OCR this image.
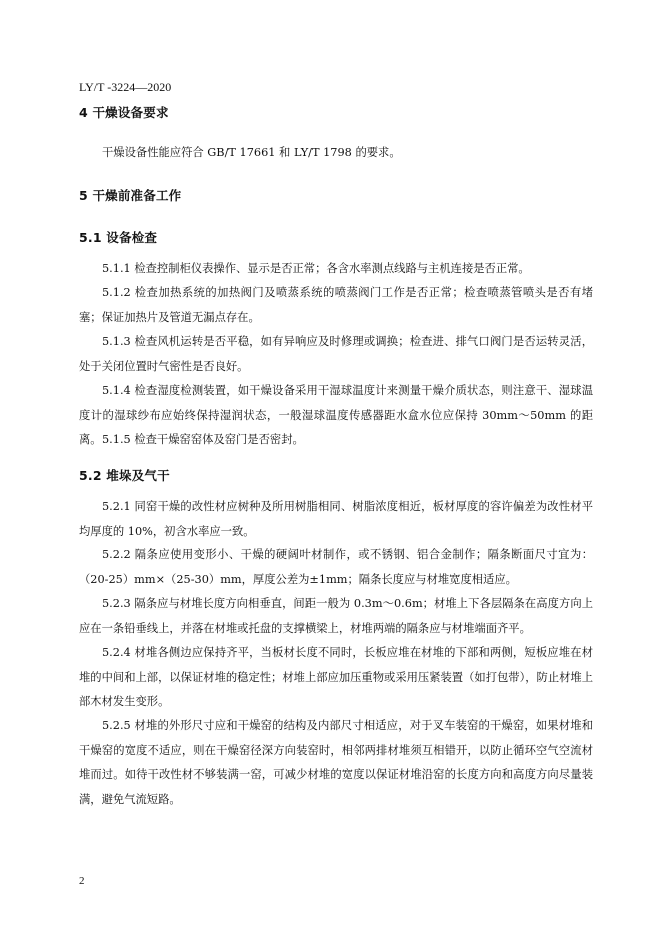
LY/T -3224—2020
4 干燥设备要求
干燥设备性能应符合 GB/T 17661 和 LY/T 1798 的要求。
5 干燥前准备工作
5.1 设备检查
5.1.1 检查控制柜仪表操作、显示是否正常；各含水率测点线路与主机连接是否正常。
5.1.2 检查加热系统的加热阀门及喷蒸系统的喷蒸阀门工作是否正常；检查喷蒸管喷头是否有堵塞；保证加热片及管道无漏点存在。
5.1.3 检查风机运转是否平稳，如有异响应及时修理或调换；检查进、排气口阀门是否运转灵活，处于关闭位置时气密性是否良好。
5.1.4 检查湿度检测装置，如干燥设备采用干湿球温度计来测量干燥介质状态，则注意干、湿球温度计的湿球纱布应始终保持湿润状态，一般湿球温度传感器距水盒水位应保持 30mm～50mm 的距离。 5.1.5 检查干燥窑窑体及窑门是否密封。
5.2 堆垛及气干
5.2.1 同窑干燥的改性材应树种及所用树脂相同、树脂浓度相近，板材厚度的容许偏差为改性材平均厚度的 10%，初含水率应一致。
5.2.2 隔条应使用变形小、干燥的硬阔叶材制作，或不锈钢、铝合金制作；隔条断面尺寸宜为：（20-25）mm×（25-30）mm，厚度公差为±1mm；隔条长度应与材堆宽度相适应。
5.2.3 隔条应与材堆长度方向相垂直，间距一般为 0.3m～0.6m；材堆上下各层隔条在高度方向上应在一条铅垂线上，并落在材堆或托盘的支撑横梁上，材堆两端的隔条应与材堆端面齐平。
5.2.4 材堆各侧边应保持齐平，当板材长度不同时，长板应堆在材堆的下部和两侧，短板应堆在材堆的中间和上部，以保证材堆的稳定性；材堆上部应加压重物或采用压紧装置（如打包带），防止材堆上部木材发生变形。
5.2.5 材堆的外形尺寸应和干燥窑的结构及内部尺寸相适应，对于叉车装窑的干燥窑，如果材堆和干燥窑的宽度不适应，则在干燥窑径深方向装窑时，相邻两排材堆须互相错开，以防止循环空气空流材堆而过。如待干改性材不够装满一窑，可减少材堆的宽度以保证材堆沿窑的长度方向和高度方向尽量装满，避免气流短路。
2
